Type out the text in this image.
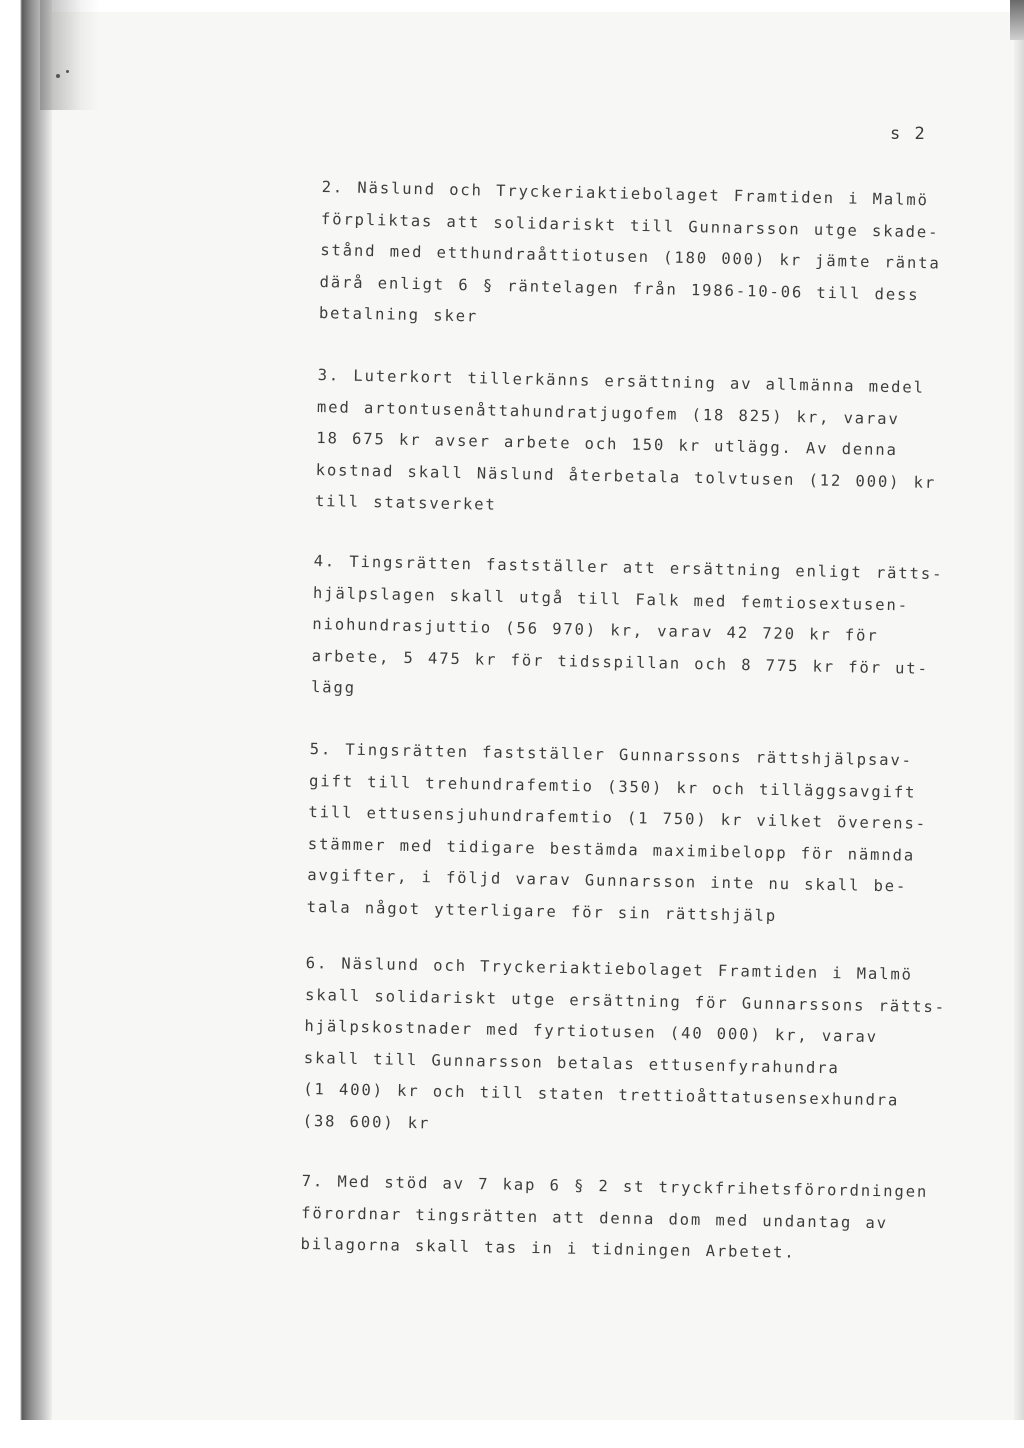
s 2
2. Näslund och Tryckeriaktiebolaget Framtiden i Malmö
förpliktas att solidariskt till Gunnarsson utge skade-
stånd med etthundraåttiotusen (180 000) kr jämte ränta
därå enligt 6 § räntelagen från 1986-10-06 till dess
betalning sker
3. Luterkort tillerkänns ersättning av allmänna medel
med artontusenåttahundratjugofem (18 825) kr, varav
18 675 kr avser arbete och 150 kr utlägg. Av denna
kostnad skall Näslund återbetala tolvtusen (12 000) kr
till statsverket
4. Tingsrätten fastställer att ersättning enligt rätts-
hjälpslagen skall utgå till Falk med femtiosextusen-
niohundrasjuttio (56 970) kr, varav 42 720 kr för
arbete, 5 475 kr för tidsspillan och 8 775 kr för ut-
lägg
5. Tingsrätten fastställer Gunnarssons rättshjälpsav-
gift till trehundrafemtio (350) kr och tilläggsavgift
till ettusensjuhundrafemtio (1 750) kr vilket överens-
stämmer med tidigare bestämda maximibelopp för nämnda
avgifter, i följd varav Gunnarsson inte nu skall be-
tala något ytterligare för sin rättshjälp
6. Näslund och Tryckeriaktiebolaget Framtiden i Malmö
skall solidariskt utge ersättning för Gunnarssons rätts-
hjälpskostnader med fyrtiotusen (40 000) kr, varav
skall till Gunnarsson betalas ettusenfyrahundra
(1 400) kr och till staten trettioåttatusensexhundra
(38 600) kr
7. Med stöd av 7 kap 6 § 2 st tryckfrihetsförordningen
förordnar tingsrätten att denna dom med undantag av
bilagorna skall tas in i tidningen Arbetet.
